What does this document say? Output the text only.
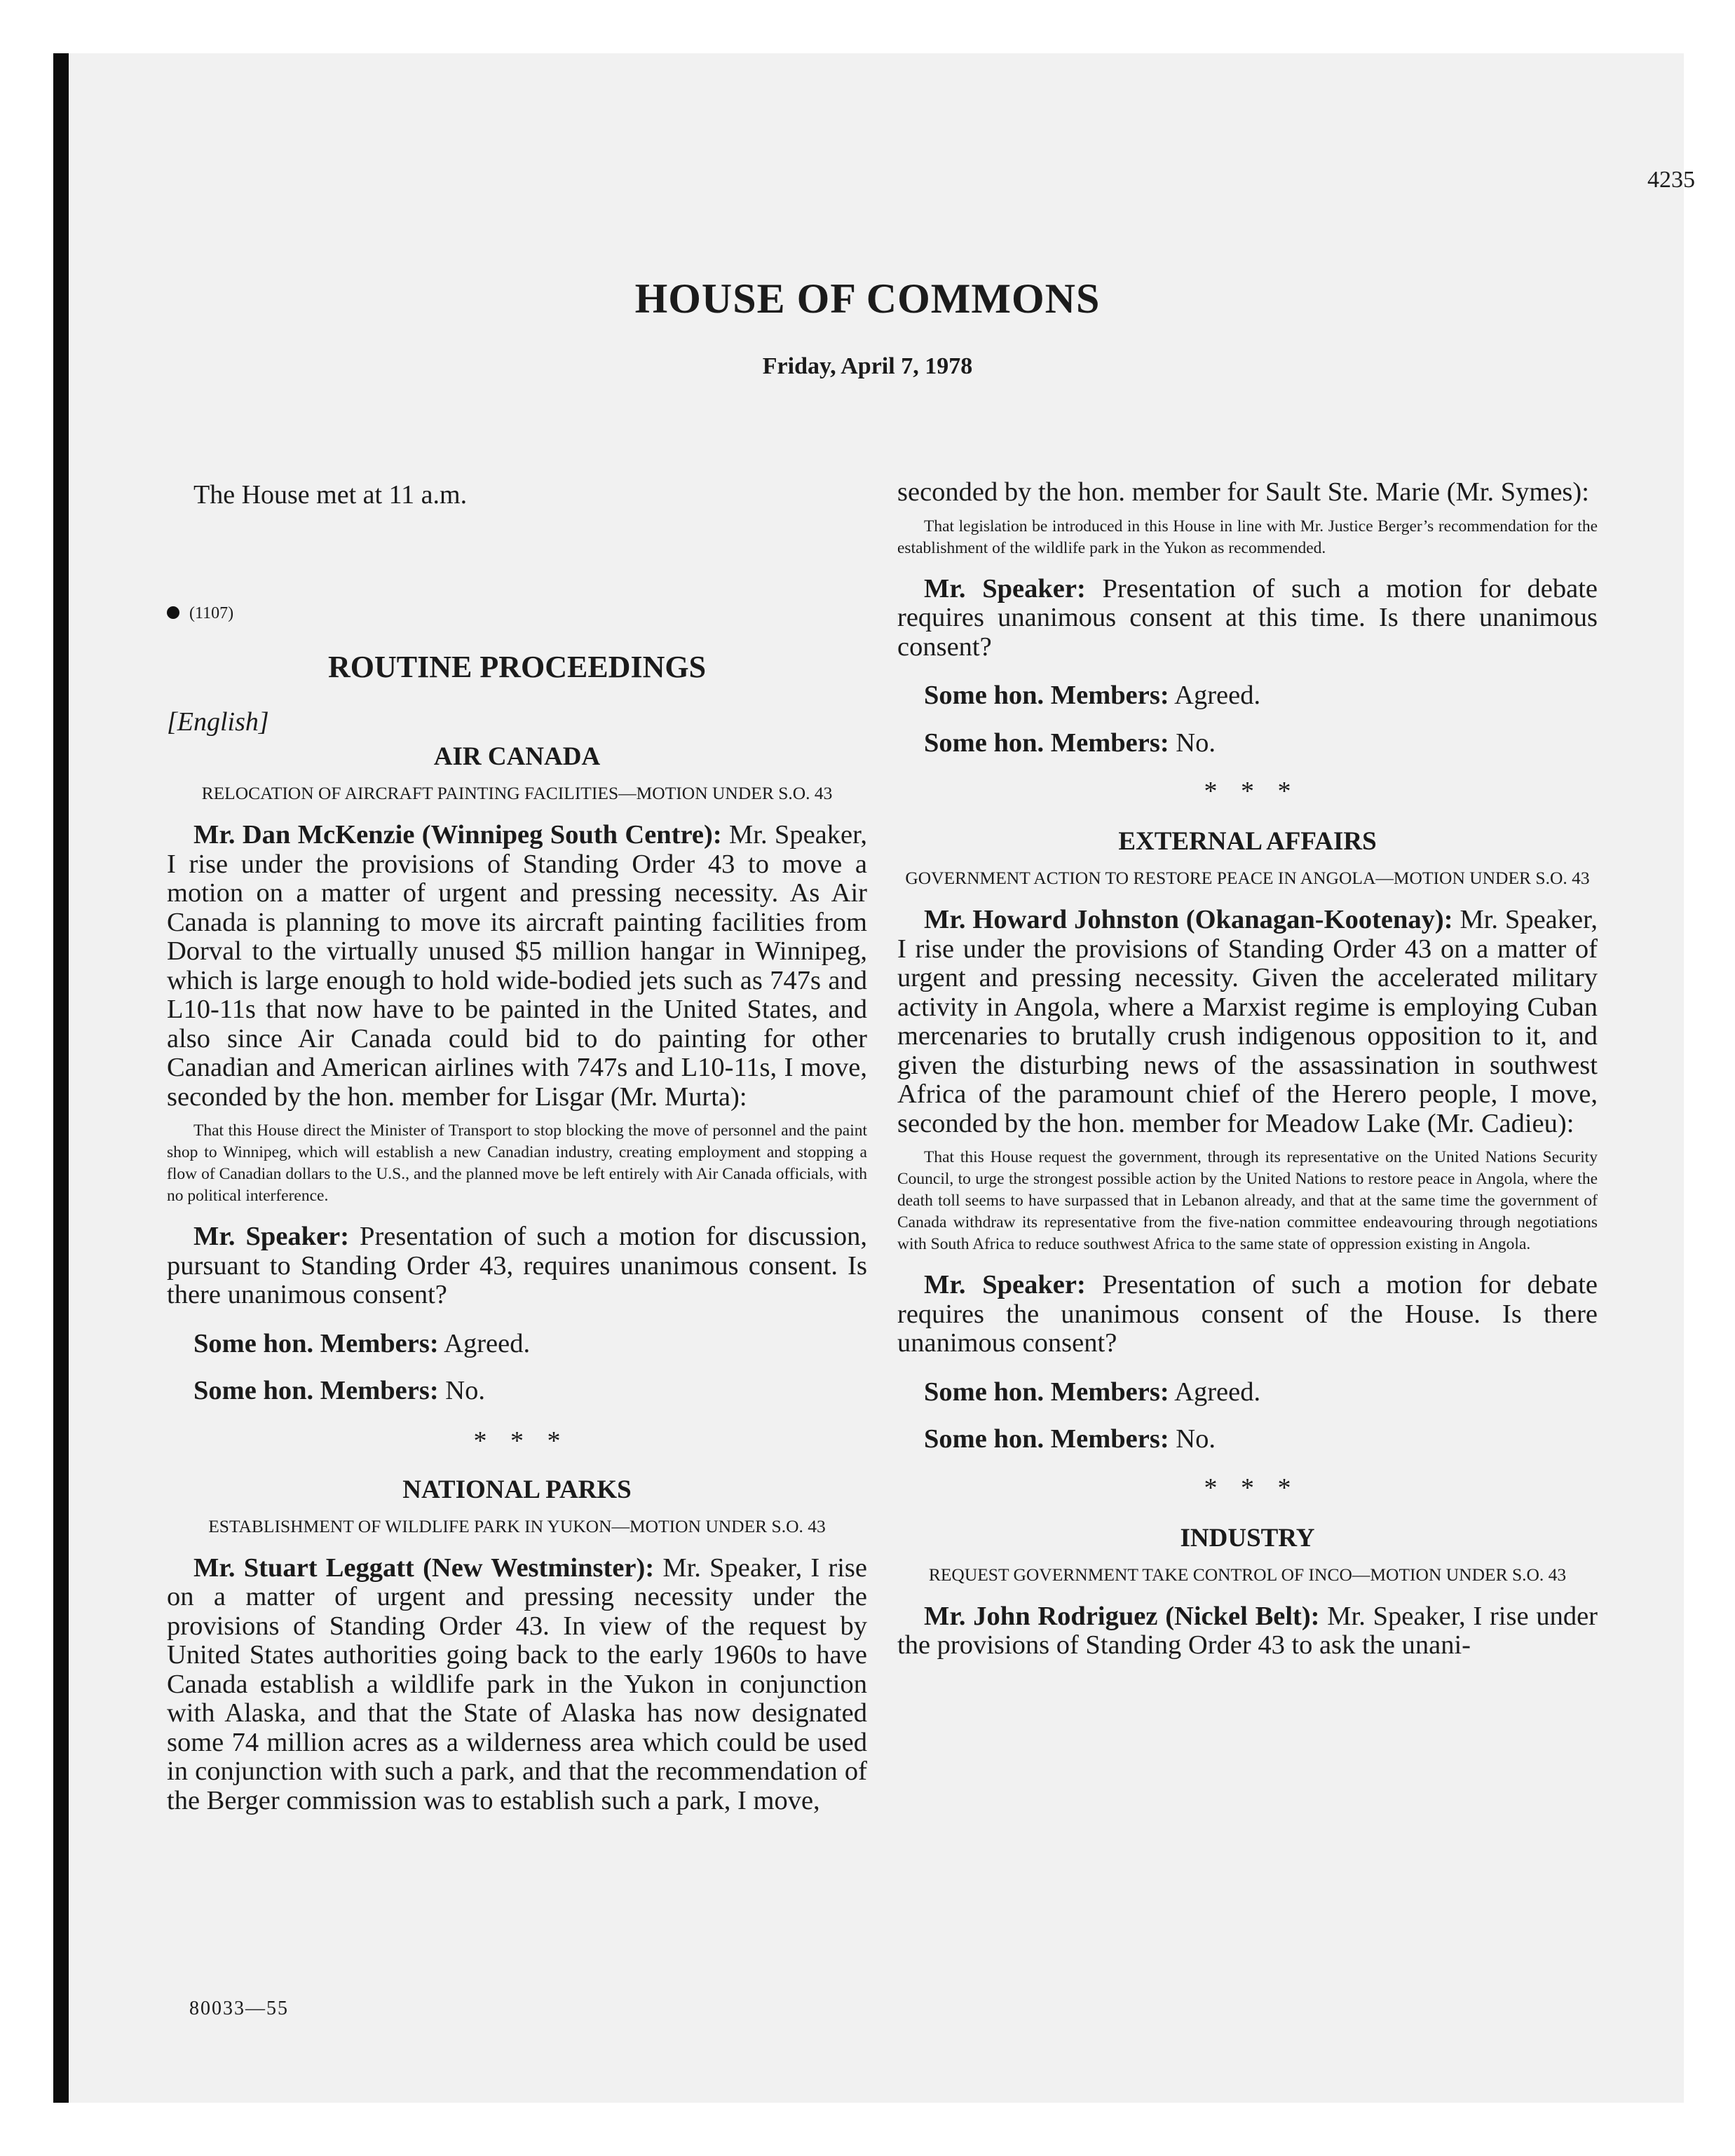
4235
HOUSE OF COMMONS
Friday, April 7, 1978
The House met at 11 a.m.
(1107)
[English]
ROUTINE PROCEEDINGS
AIR CANADA
RELOCATION OF AIRCRAFT PAINTING FACILITIES—MOTION UNDER S.O. 43

Mr. Dan McKenzie (Winnipeg South Centre): Mr. Speaker, I rise under the provisions of Standing Order 43 to move a motion on a matter of urgent and pressing necessity. As Air Canada is planning to move its aircraft painting facilities from Dorval to the virtually unused $5 million hangar in Winnipeg, which is large enough to hold wide-bodied jets such as 747s and L10-11s that now have to be painted in the United States, and also since Air Canada could bid to do painting for other Canadian and American airlines with 747s and L10-11s, I move, seconded by the hon. member for Lisgar (Mr. Murta):

That this House direct the Minister of Transport to stop blocking the move of personnel and the paint shop to Winnipeg, which will establish a new Canadian industry, creating employment and stopping a flow of Canadian dollars to the U.S., and the planned move be left entirely with Air Canada officials, with no political interference.

Mr. Speaker: Presentation of such a motion for discussion, pursuant to Standing Order 43, requires unanimous consent. Is there unanimous consent?

Some hon. Members: Agreed.

Some hon. Members: No.

* * *

NATIONAL PARKS
ESTABLISHMENT OF WILDLIFE PARK IN YUKON—MOTION UNDER S.O. 43

Mr. Stuart Leggatt (New Westminster): Mr. Speaker, I rise on a matter of urgent and pressing necessity under the provisions of Standing Order 43. In view of the request by United States authorities going back to the early 1960s to have Canada establish a wildlife park in the Yukon in conjunction with Alaska, and that the State of Alaska has now designated some 74 million acres as a wilderness area which could be used in conjunction with such a park, and that the recommendation of the Berger commission was to establish such a park, I move,

seconded by the hon. member for Sault Ste. Marie (Mr. Symes):

That legislation be introduced in this House in line with Mr. Justice Berger’s recommendation for the establishment of the wildlife park in the Yukon as recommended.

Mr. Speaker: Presentation of such a motion for debate requires unanimous consent at this time. Is there unanimous consent?

Some hon. Members: Agreed.

Some hon. Members: No.

* * *

EXTERNAL AFFAIRS
GOVERNMENT ACTION TO RESTORE PEACE IN ANGOLA—MOTION UNDER S.O. 43

Mr. Howard Johnston (Okanagan-Kootenay): Mr. Speaker, I rise under the provisions of Standing Order 43 on a matter of urgent and pressing necessity. Given the accelerated military activity in Angola, where a Marxist regime is employing Cuban mercenaries to brutally crush indigenous opposition to it, and given the disturbing news of the assassination in southwest Africa of the paramount chief of the Herero people, I move, seconded by the hon. member for Meadow Lake (Mr. Cadieu):

That this House request the government, through its representative on the United Nations Security Council, to urge the strongest possible action by the United Nations to restore peace in Angola, where the death toll seems to have surpassed that in Lebanon already, and that at the same time the government of Canada withdraw its representative from the five-nation committee endeavouring through negotiations with South Africa to reduce southwest Africa to the same state of oppression existing in Angola.

Mr. Speaker: Presentation of such a motion for debate requires the unanimous consent of the House. Is there unanimous consent?

Some hon. Members: Agreed.

Some hon. Members: No.

* * *

INDUSTRY
REQUEST GOVERNMENT TAKE CONTROL OF INCO—MOTION UNDER S.O. 43

Mr. John Rodriguez (Nickel Belt): Mr. Speaker, I rise under the provisions of Standing Order 43 to ask the unani-

80033—55
